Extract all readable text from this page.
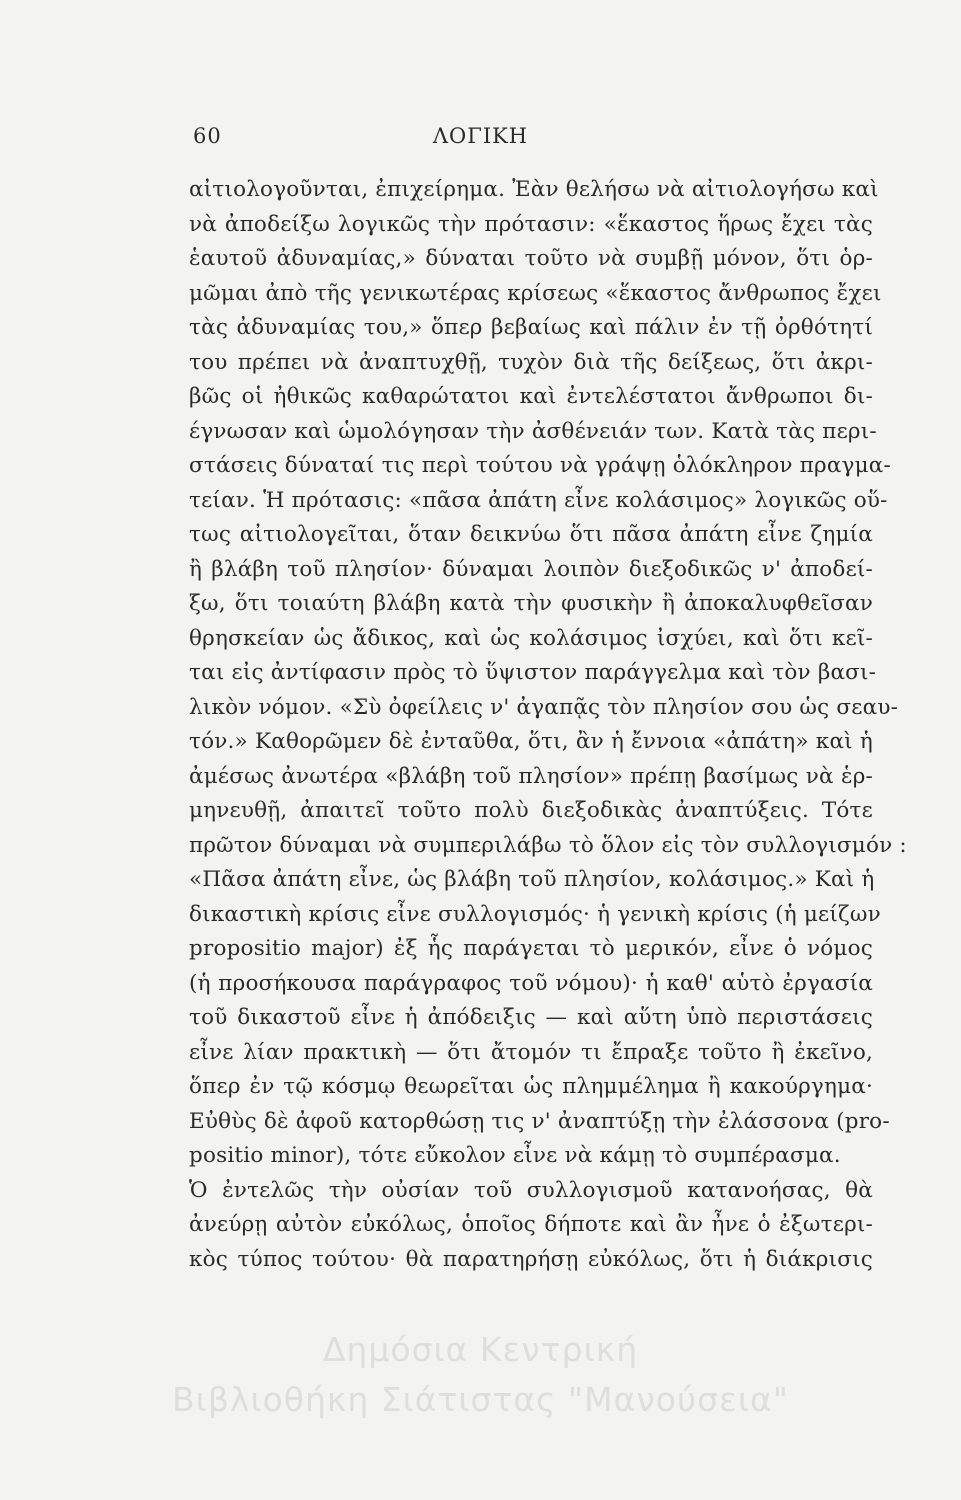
60	ΛΟΓΙΚΗ
αἰτιολογοῦνται, ἐπιχείρημα. Ἐὰν θελήσω νὰ αἰτιολογήσω καὶ
νὰ ἀποδείξω λογικῶς τὴν πρότασιν: «ἕκαστος ἥρως ἔχει τὰς
ἑαυτοῦ ἀδυναμίας,» δύναται τοῦτο νὰ συμβῇ μόνον, ὅτι ὁρ-
μῶμαι ἀπὸ τῆς γενικωτέρας κρίσεως «ἕκαστος ἄνθρωπος ἔχει
τὰς ἀδυναμίας του,» ὅπερ βεβαίως καὶ πάλιν ἐν τῇ ὀρθότητί
του πρέπει νὰ ἀναπτυχθῇ, τυχὸν διὰ τῆς δείξεως, ὅτι ἀκρι-
βῶς οἱ ἠθικῶς καθαρώτατοι καὶ ἐντελέστατοι ἄνθρωποι δι-
έγνωσαν καὶ ὡμολόγησαν τὴν ἀσθένειάν των. Κατὰ τὰς περι-
στάσεις δύναταί τις περὶ τούτου νὰ γράψῃ ὁλόκληρον πραγμα-
τείαν. Ἡ πρότασις: «πᾶσα ἀπάτη εἶνε κολάσιμος» λογικῶς οὕ-
τως αἰτιολογεῖται, ὅταν δεικνύω ὅτι πᾶσα ἀπάτη εἶνε ζημία
ἢ βλάβη τοῦ πλησίον· δύναμαι λοιπὸν διεξοδικῶς ν' ἀποδεί-
ξω, ὅτι τοιαύτη βλάβη κατὰ τὴν φυσικὴν ἢ ἀποκαλυφθεῖσαν
θρησκείαν ὡς ἄδικος, καὶ ὡς κολάσιμος ἰσχύει, καὶ ὅτι κεῖ-
ται εἰς ἀντίφασιν πρὸς τὸ ὕψιστον παράγγελμα καὶ τὸν βασι-
λικὸν νόμον. «Σὺ ὀφείλεις ν' ἀγαπᾷς τὸν πλησίον σου ὡς σεαυ-
τόν.» Καθορῶμεν δὲ ἐνταῦθα, ὅτι, ἂν ἡ ἔννοια «ἀπάτη» καὶ ἡ
ἀμέσως ἀνωτέρα «βλάβη τοῦ πλησίον» πρέπῃ βασίμως νὰ ἑρ-
μηνευθῇ, ἀπαιτεῖ τοῦτο πολὺ διεξοδικὰς ἀναπτύξεις. Τότε
πρῶτον δύναμαι νὰ συμπεριλάβω τὸ ὅλον εἰς τὸν συλλογισμόν :
«Πᾶσα ἀπάτη εἶνε, ὡς βλάβη τοῦ πλησίον, κολάσιμος.» Καὶ ἡ
δικαστικὴ κρίσις εἶνε συλλογισμός· ἡ γενικὴ κρίσις (ἡ μείζων
propositio major) ἐξ ἧς παράγεται τὸ μερικόν, εἶνε ὁ νόμος
(ἡ προσήκουσα παράγραφος τοῦ νόμου)· ἡ καθ' αὑτὸ ἐργασία
τοῦ δικαστοῦ εἶνε ἡ ἀπόδειξις — καὶ αὕτη ὑπὸ περιστάσεις
εἶνε λίαν πρακτικὴ — ὅτι ἄτομόν τι ἔπραξε τοῦτο ἢ ἐκεῖνο,
ὅπερ ἐν τῷ κόσμῳ θεωρεῖται ὡς πλημμέλημα ἢ κακούργημα·
Εὐθὺς δὲ ἀφοῦ κατορθώσῃ τις ν' ἀναπτύξῃ τὴν ἐλάσσονα (pro-
positio minor), τότε εὔκολον εἶνε νὰ κάμῃ τὸ συμπέρασμα.
Ὁ ἐντελῶς τὴν οὐσίαν τοῦ συλλογισμοῦ κατανοήσας, θὰ
ἀνεύρῃ αὐτὸν εὐκόλως, ὁποῖος δήποτε καὶ ἂν ἦνε ὁ ἐξωτερι-
κὸς τύπος τούτου· θὰ παρατηρήσῃ εὐκόλως, ὅτι ἡ διάκρισις
Δημόσια Κεντρική
Βιβλιοθήκη Σιάτιστας "Μανούσεια"
